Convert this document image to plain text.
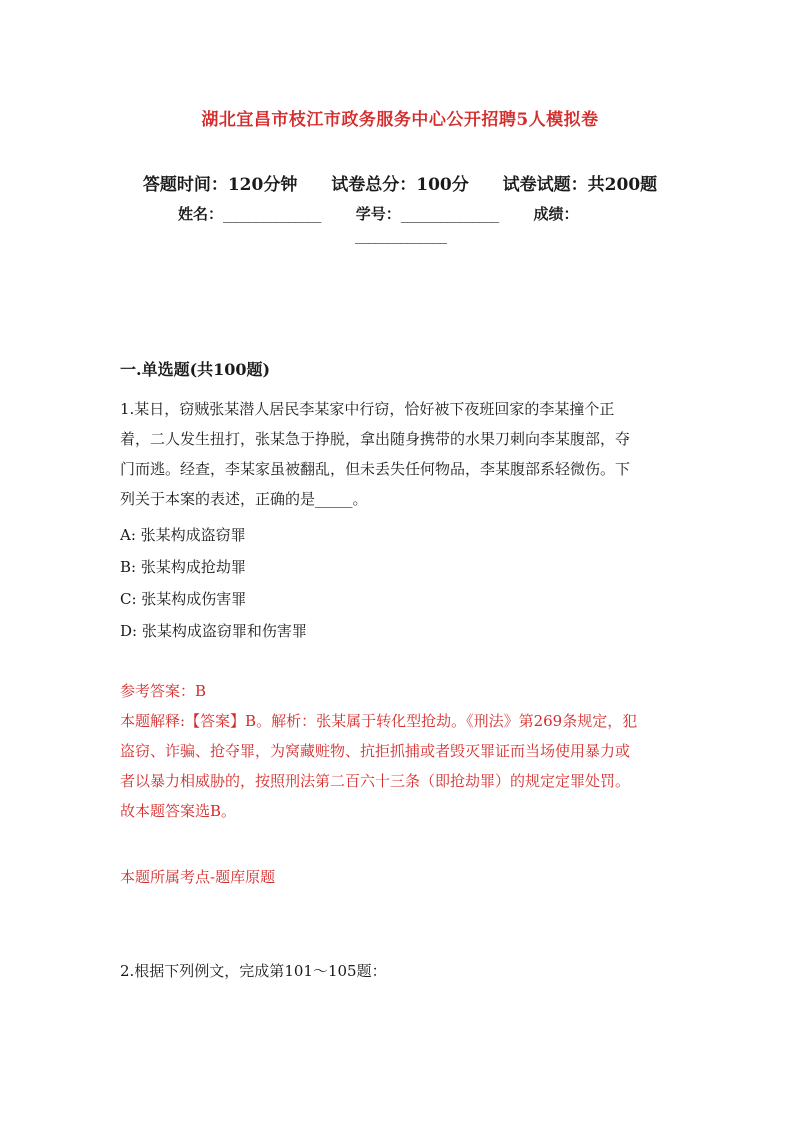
湖北宜昌市枝江市政务服务中心公开招聘5人模拟卷
答题时间：120分钟 试卷总分：100分 试卷试题：共200题
姓名：_______________ 学号：_______________ 成绩：
______________
一.单选题(共100题)
1.某日，窃贼张某潜人居民李某家中行窃，恰好被下夜班回家的李某撞个正
着，二人发生扭打，张某急于挣脱，拿出随身携带的水果刀刺向李某腹部，夺
门而逃。经查，李某家虽被翻乱，但未丢失任何物品，李某腹部系轻微伤。下
列关于本案的表述，正确的是_____。
A: 张某构成盗窃罪
B: 张某构成抢劫罪
C: 张某构成伤害罪
D: 张某构成盗窃罪和伤害罪
参考答案：B
本题解释:【答案】B。解析：张某属于转化型抢劫。《刑法》第269条规定，犯
盗窃、诈骗、抢夺罪，为窝藏赃物、抗拒抓捕或者毁灭罪证而当场使用暴力或
者以暴力相威胁的，按照刑法第二百六十三条（即抢劫罪）的规定定罪处罚。
故本题答案选B。
本题所属考点-题库原题
2.根据下列例文，完成第101～105题：
